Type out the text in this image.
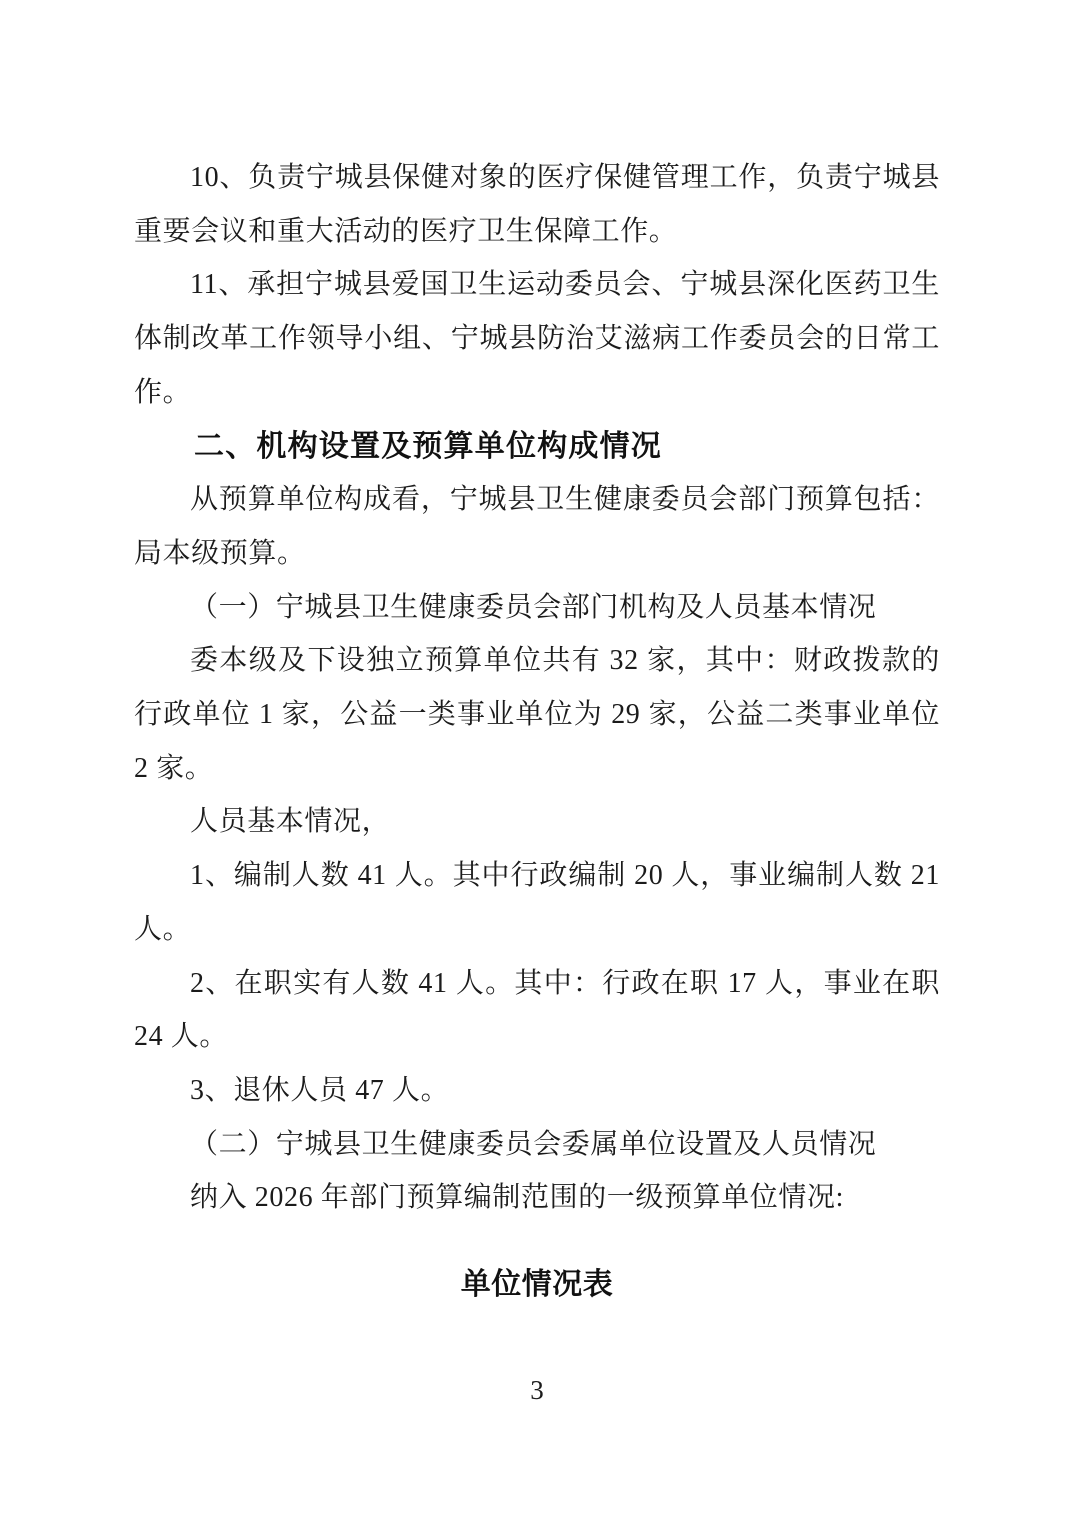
10、负责宁城县保健对象的医疗保健管理工作，负责宁城县
重要会议和重大活动的医疗卫生保障工作。
11、承担宁城县爱国卫生运动委员会、宁城县深化医药卫生
体制改革工作领导小组、宁城县防治艾滋病工作委员会的日常工
作。
二、机构设置及预算单位构成情况
从预算单位构成看，宁城县卫生健康委员会部门预算包括：
局本级预算。
（一）宁城县卫生健康委员会部门机构及人员基本情况
委本级及下设独立预算单位共有 32 家，其中：财政拨款的
行政单位 1 家，公益一类事业单位为 29 家，公益二类事业单位
2 家。
人员基本情况，
1、编制人数 41 人。其中行政编制 20 人，事业编制人数 21
人。
2、在职实有人数 41 人。其中：行政在职 17 人，事业在职
24 人。
3、退休人员 47 人。
（二）宁城县卫生健康委员会委属单位设置及人员情况
纳入 2026 年部门预算编制范围的一级预算单位情况:
单位情况表
3
